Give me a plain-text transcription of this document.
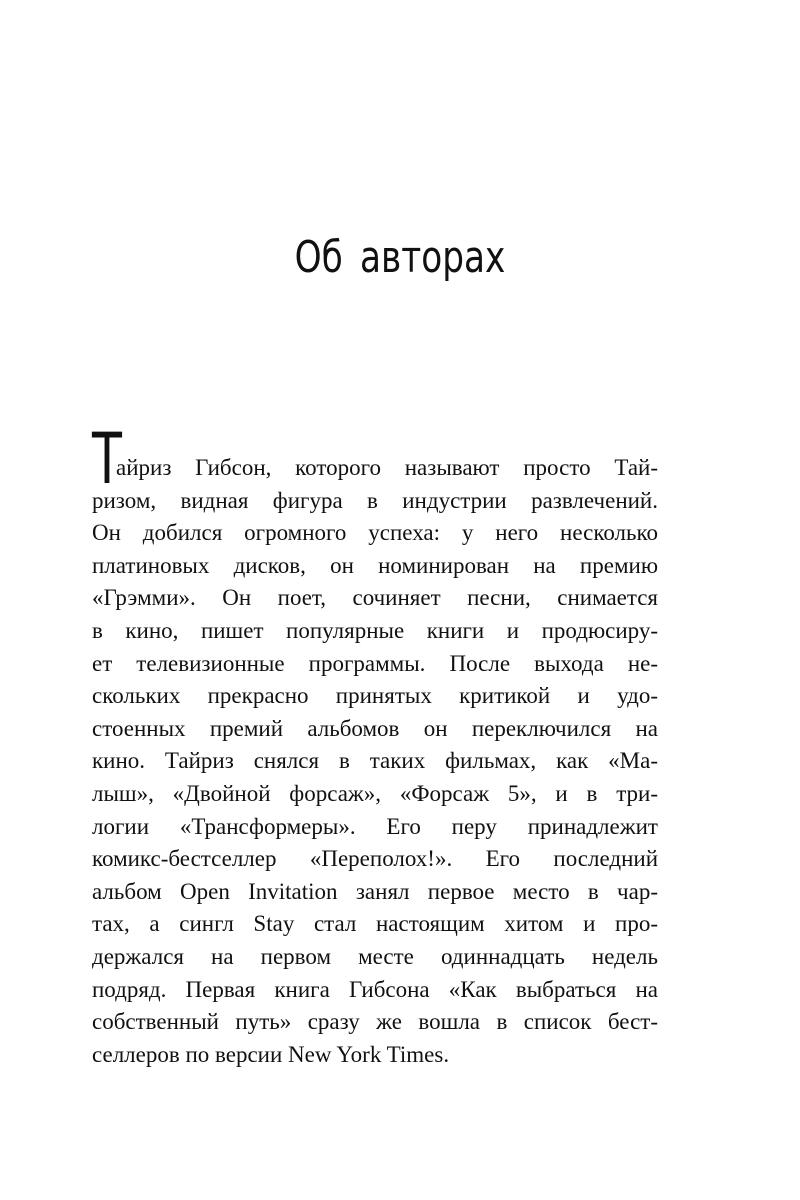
Об авторах
Т
айриз Гибсон, которого называют просто Тай-
ризом, видная фигура в индустрии развлечений.
Он добился огромного успеха: у него несколько
платиновых дисков, он номинирован на премию
«Грэмми». Он поет, сочиняет песни, снимается
в кино, пишет популярные книги и продюсиру-
ет телевизионные программы. После выхода не-
скольких прекрасно принятых критикой и удо-
стоенных премий альбомов он переключился на
кино. Тайриз снялся в таких фильмах, как «Ма-
лыш», «Двойной форсаж», «Форсаж 5», и в три-
логии «Трансформеры». Его перу принадлежит
комикс-бестселлер «Переполох!». Его последний
альбом Open Invitation занял первое место в чар-
тах, а сингл Stay стал настоящим хитом и про-
держался на первом месте одиннадцать недель
подряд. Первая книга Гибсона «Как выбраться на
собственный путь» сразу же вошла в список бест-
селлеров по версии New York Times.
